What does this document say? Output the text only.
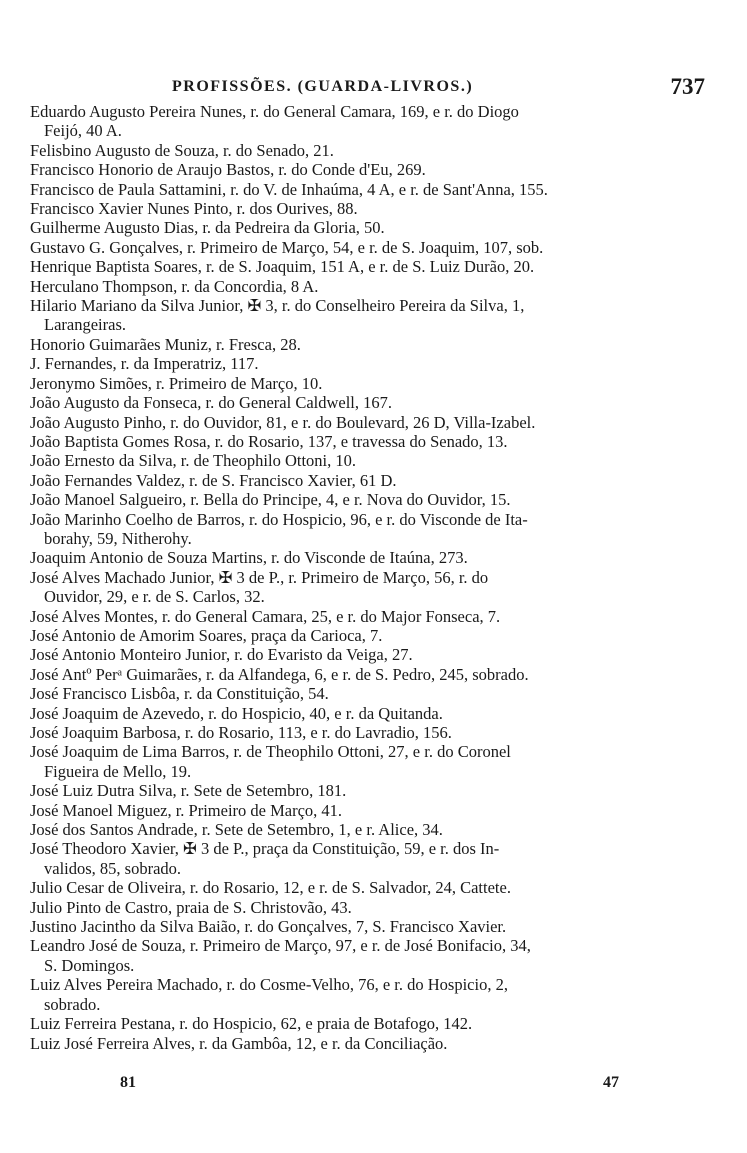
PROFISSÕES. (GUARDA-LIVROS.)	737
Eduardo Augusto Pereira Nunes, r. do General Camara, 169, e r. do Diogo
Feijó, 40 A.
Felisbino Augusto de Souza, r. do Senado, 21.
Francisco Honorio de Araujo Bastos, r. do Conde d'Eu, 269.
Francisco de Paula Sattamini, r. do V. de Inhaúma, 4 A, e r. de Sant'Anna, 155.
Francisco Xavier Nunes Pinto, r. dos Ourives, 88.
Guilherme Augusto Dias, r. da Pedreira da Gloria, 50.
Gustavo G. Gonçalves, r. Primeiro de Março, 54, e r. de S. Joaquim, 107, sob.
Henrique Baptista Soares, r. de S. Joaquim, 151 A, e r. de S. Luiz Durão, 20.
Herculano Thompson, r. da Concordia, 8 A.
Hilario Mariano da Silva Junior, ✠ 3, r. do Conselheiro Pereira da Silva, 1,
Larangeiras.
Honorio Guimarães Muniz, r. Fresca, 28.
J. Fernandes, r. da Imperatriz, 117.
Jeronymo Simões, r. Primeiro de Março, 10.
João Augusto da Fonseca, r. do General Caldwell, 167.
João Augusto Pinho, r. do Ouvidor, 81, e r. do Boulevard, 26 D, Villa-Izabel.
João Baptista Gomes Rosa, r. do Rosario, 137, e travessa do Senado, 13.
João Ernesto da Silva, r. de Theophilo Ottoni, 10.
João Fernandes Valdez, r. de S. Francisco Xavier, 61 D.
João Manoel Salgueiro, r. Bella do Principe, 4, e r. Nova do Ouvidor, 15.
João Marinho Coelho de Barros, r. do Hospicio, 96, e r. do Visconde de Ita-
borahy, 59, Nitherohy.
Joaquim Antonio de Souza Martins, r. do Visconde de Itaúna, 273.
José Alves Machado Junior, ✠ 3 de P., r. Primeiro de Março, 56, r. do
Ouvidor, 29, e r. de S. Carlos, 32.
José Alves Montes, r. do General Camara, 25, e r. do Major Fonseca, 7.
José Antonio de Amorim Soares, praça da Carioca, 7.
José Antonio Monteiro Junior, r. do Evaristo da Veiga, 27.
José Antº Perᵃ Guimarães, r. da Alfandega, 6, e r. de S. Pedro, 245, sobrado.
José Francisco Lisbôa, r. da Constituição, 54.
José Joaquim de Azevedo, r. do Hospicio, 40, e r. da Quitanda.
José Joaquim Barbosa, r. do Rosario, 113, e r. do Lavradio, 156.
José Joaquim de Lima Barros, r. de Theophilo Ottoni, 27, e r. do Coronel
Figueira de Mello, 19.
José Luiz Dutra Silva, r. Sete de Setembro, 181.
José Manoel Miguez, r. Primeiro de Março, 41.
José dos Santos Andrade, r. Sete de Setembro, 1, e r. Alice, 34.
José Theodoro Xavier, ✠ 3 de P., praça da Constituição, 59, e r. dos In-
validos, 85, sobrado.
Julio Cesar de Oliveira, r. do Rosario, 12, e r. de S. Salvador, 24, Cattete.
Julio Pinto de Castro, praia de S. Christovão, 43.
Justino Jacintho da Silva Baião, r. do Gonçalves, 7, S. Francisco Xavier.
Leandro José de Souza, r. Primeiro de Março, 97, e r. de José Bonifacio, 34,
S. Domingos.
Luiz Alves Pereira Machado, r. do Cosme-Velho, 76, e r. do Hospicio, 2,
sobrado.
Luiz Ferreira Pestana, r. do Hospicio, 62, e praia de Botafogo, 142.
Luiz José Ferreira Alves, r. da Gambôa, 12, e r. da Conciliação.
81	47
